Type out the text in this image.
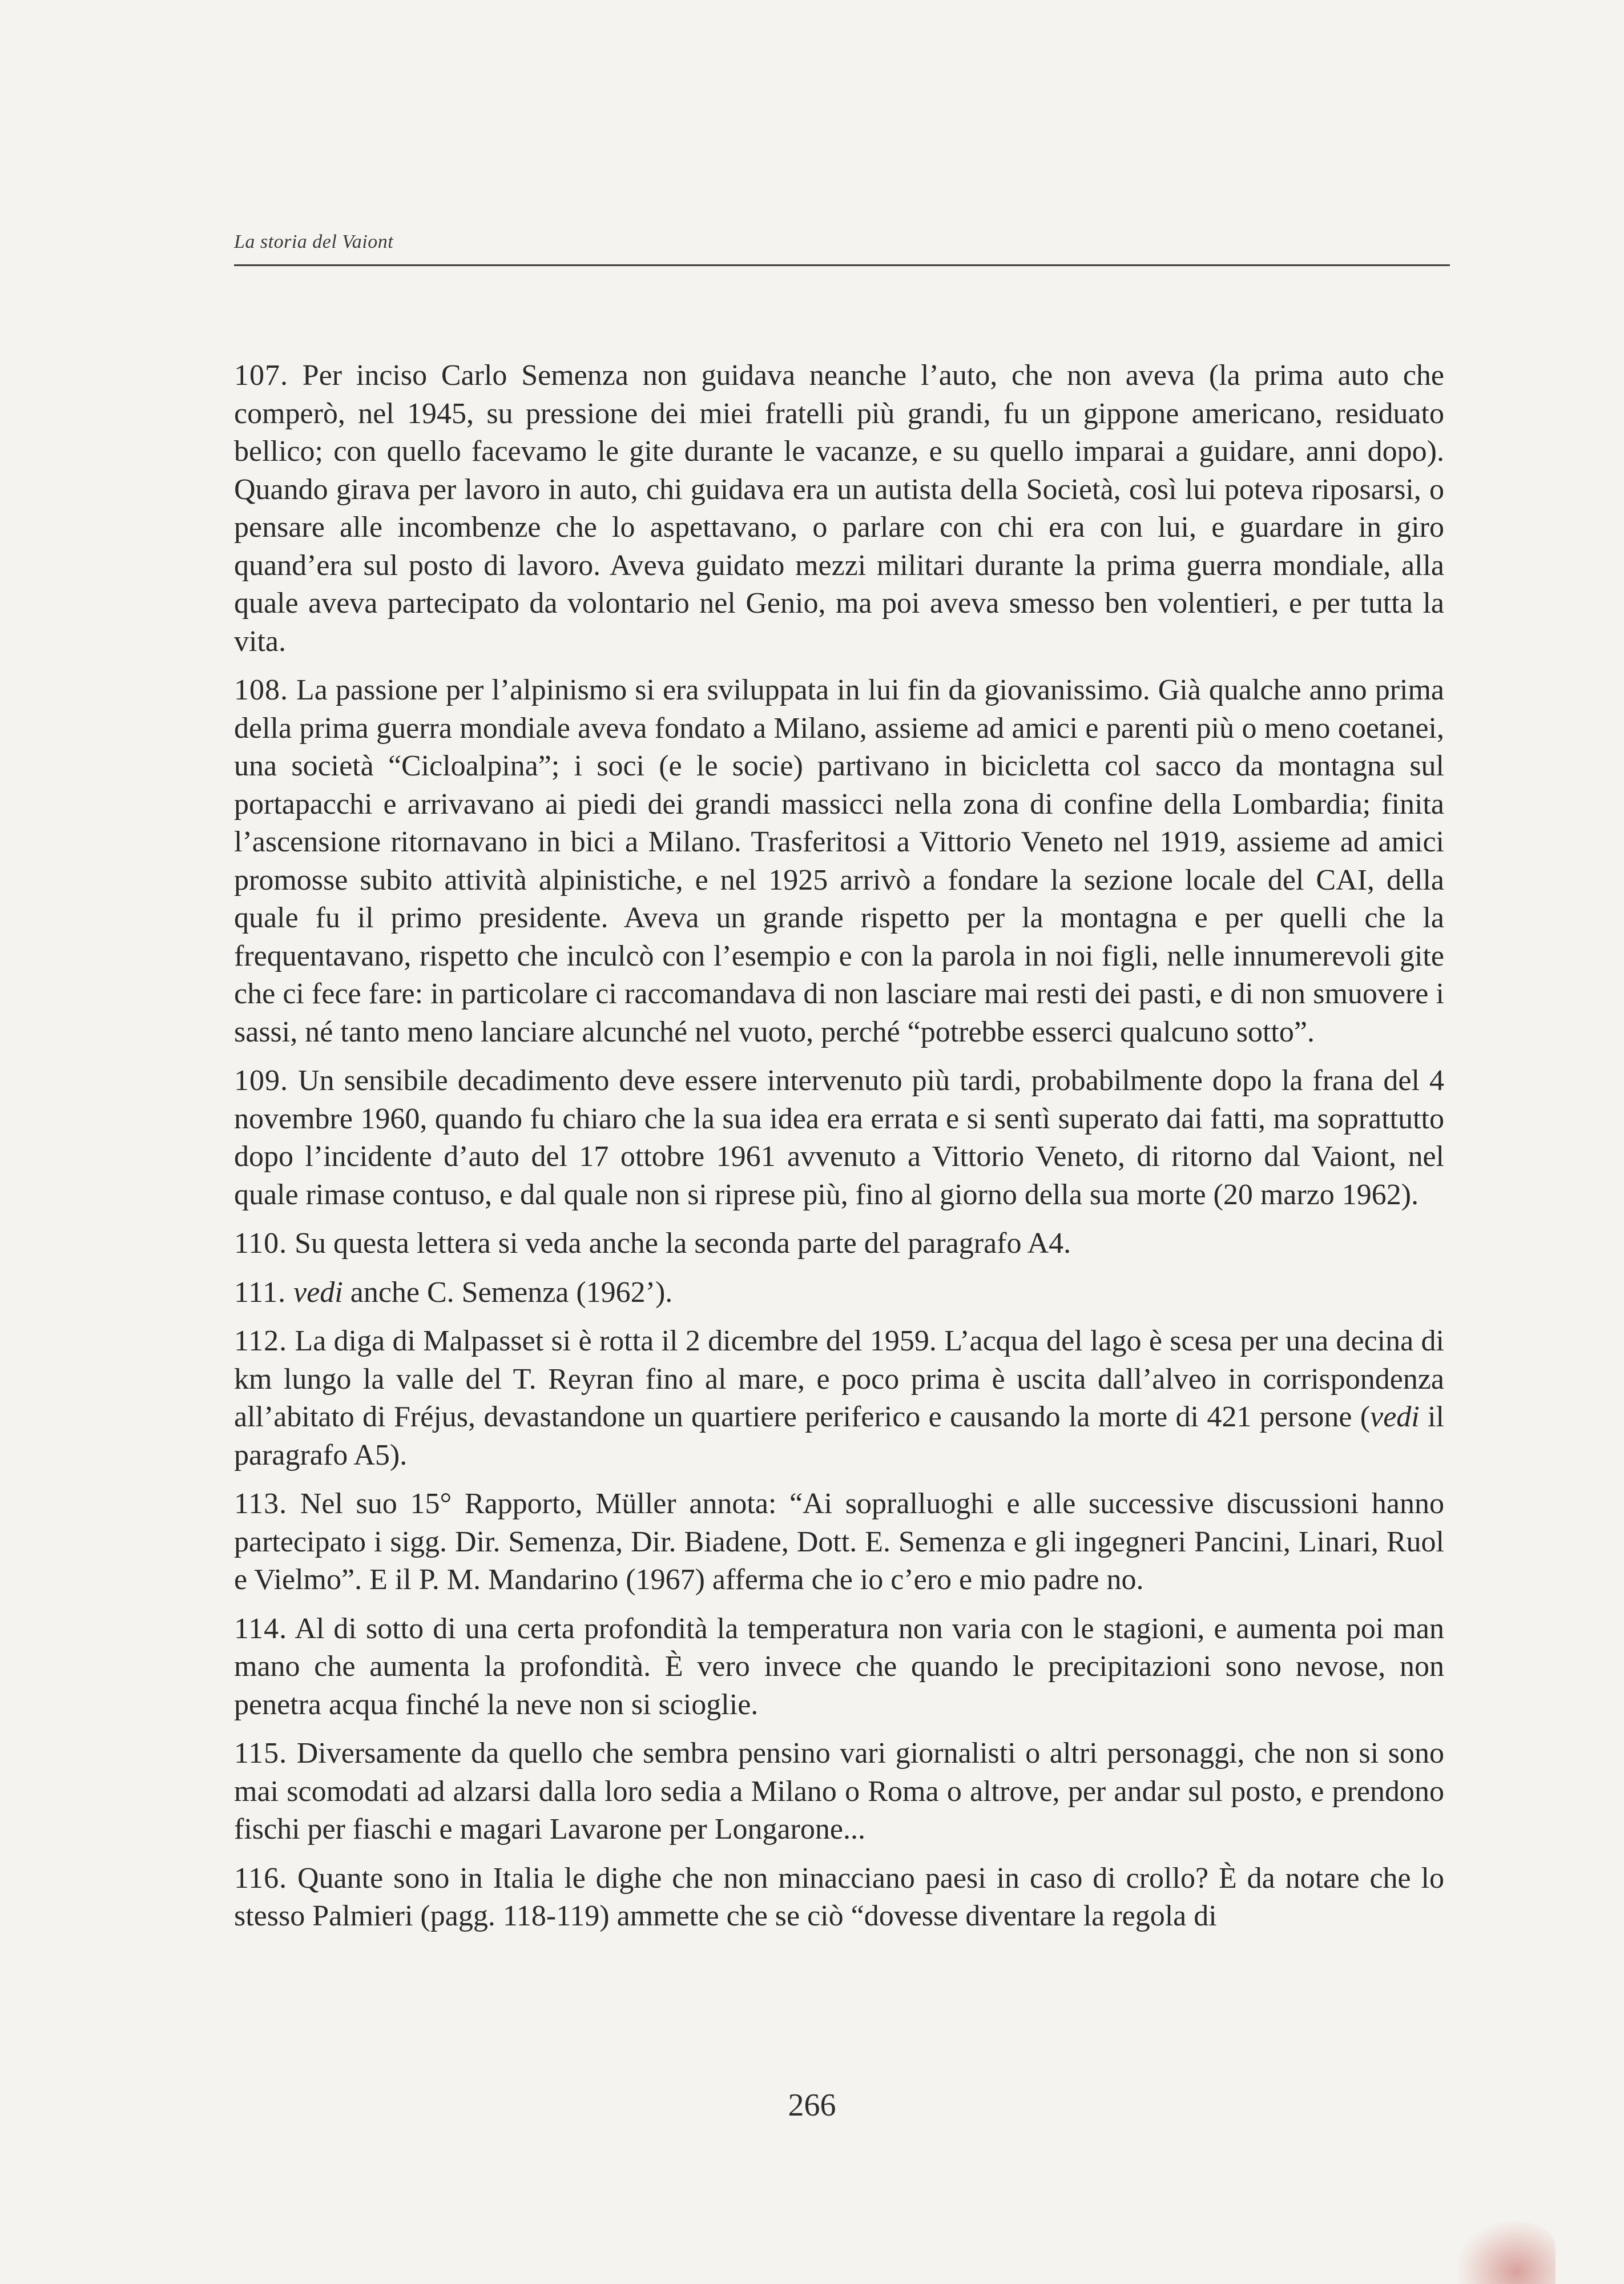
La storia del Vaiont

107. Per inciso Carlo Semenza non guidava neanche l’auto, che non aveva (la prima auto che comperò, nel 1945, su pressione dei miei fratelli più grandi, fu un gippone americano, residuato bellico; con quello facevamo le gite durante le vacanze, e su quello imparai a guidare, anni dopo). Quando girava per lavoro in auto, chi guidava era un autista della Società, così lui poteva riposarsi, o pensare alle incombenze che lo aspettavano, o parlare con chi era con lui, e guardare in giro quand’era sul posto di lavoro. Aveva guidato mezzi militari durante la prima guerra mondiale, alla quale aveva partecipato da volontario nel Genio, ma poi aveva smesso ben volentieri, e per tutta la vita.

108. La passione per l’alpinismo si era sviluppata in lui fin da giovanissimo. Già qualche anno prima della prima guerra mondiale aveva fondato a Milano, assieme ad amici e parenti più o meno coetanei, una società “Cicloalpina”; i soci (e le socie) partivano in bicicletta col sacco da montagna sul portapacchi e arrivavano ai piedi dei grandi massicci nella zona di confine della Lombardia; finita l’ascensione ritornavano in bici a Milano. Trasferitosi a Vittorio Veneto nel 1919, assieme ad amici promosse subito attività alpinistiche, e nel 1925 arrivò a fondare la sezione locale del CAI, della quale fu il primo presidente. Aveva un grande rispetto per la montagna e per quelli che la frequentavano, rispetto che inculcò con l’esempio e con la parola in noi figli, nelle innumerevoli gite che ci fece fare: in particolare ci raccomandava di non lasciare mai resti dei pasti, e di non smuovere i sassi, né tanto meno lanciare alcunché nel vuoto, perché “potrebbe esserci qualcuno sotto”.

109. Un sensibile decadimento deve essere intervenuto più tardi, probabilmente dopo la frana del 4 novembre 1960, quando fu chiaro che la sua idea era errata e si sentì superato dai fatti, ma soprattutto dopo l’incidente d’auto del 17 ottobre 1961 avvenuto a Vittorio Veneto, di ritorno dal Vaiont, nel quale rimase contuso, e dal quale non si riprese più, fino al giorno della sua morte (20 marzo 1962).

110. Su questa lettera si veda anche la seconda parte del paragrafo A4.

111. vedi anche C. Semenza (1962’).

112. La diga di Malpasset si è rotta il 2 dicembre del 1959. L’acqua del lago è scesa per una decina di km lungo la valle del T. Reyran fino al mare, e poco prima è uscita dall’alveo in corrispondenza all’abitato di Fréjus, devastandone un quartiere periferico e causando la morte di 421 persone (vedi il paragrafo A5).

113. Nel suo 15° Rapporto, Müller annota: “Ai sopralluoghi e alle successive discussioni hanno partecipato i sigg. Dir. Semenza, Dir. Biadene, Dott. E. Semenza e gli ingegneri Pancini, Linari, Ruol e Vielmo”. E il P. M. Mandarino (1967) afferma che io c’ero e mio padre no.

114. Al di sotto di una certa profondità la temperatura non varia con le stagioni, e aumenta poi man mano che aumenta la profondità. È vero invece che quando le precipitazioni sono nevose, non penetra acqua finché la neve non si scioglie.

115. Diversamente da quello che sembra pensino vari giornalisti o altri personaggi, che non si sono mai scomodati ad alzarsi dalla loro sedia a Milano o Roma o altrove, per andar sul posto, e prendono fischi per fiaschi e magari Lavarone per Longarone...

116. Quante sono in Italia le dighe che non minacciano paesi in caso di crollo? È da notare che lo stesso Palmieri (pagg. 118-119) ammette che se ciò “dovesse diventare la regola di

266
